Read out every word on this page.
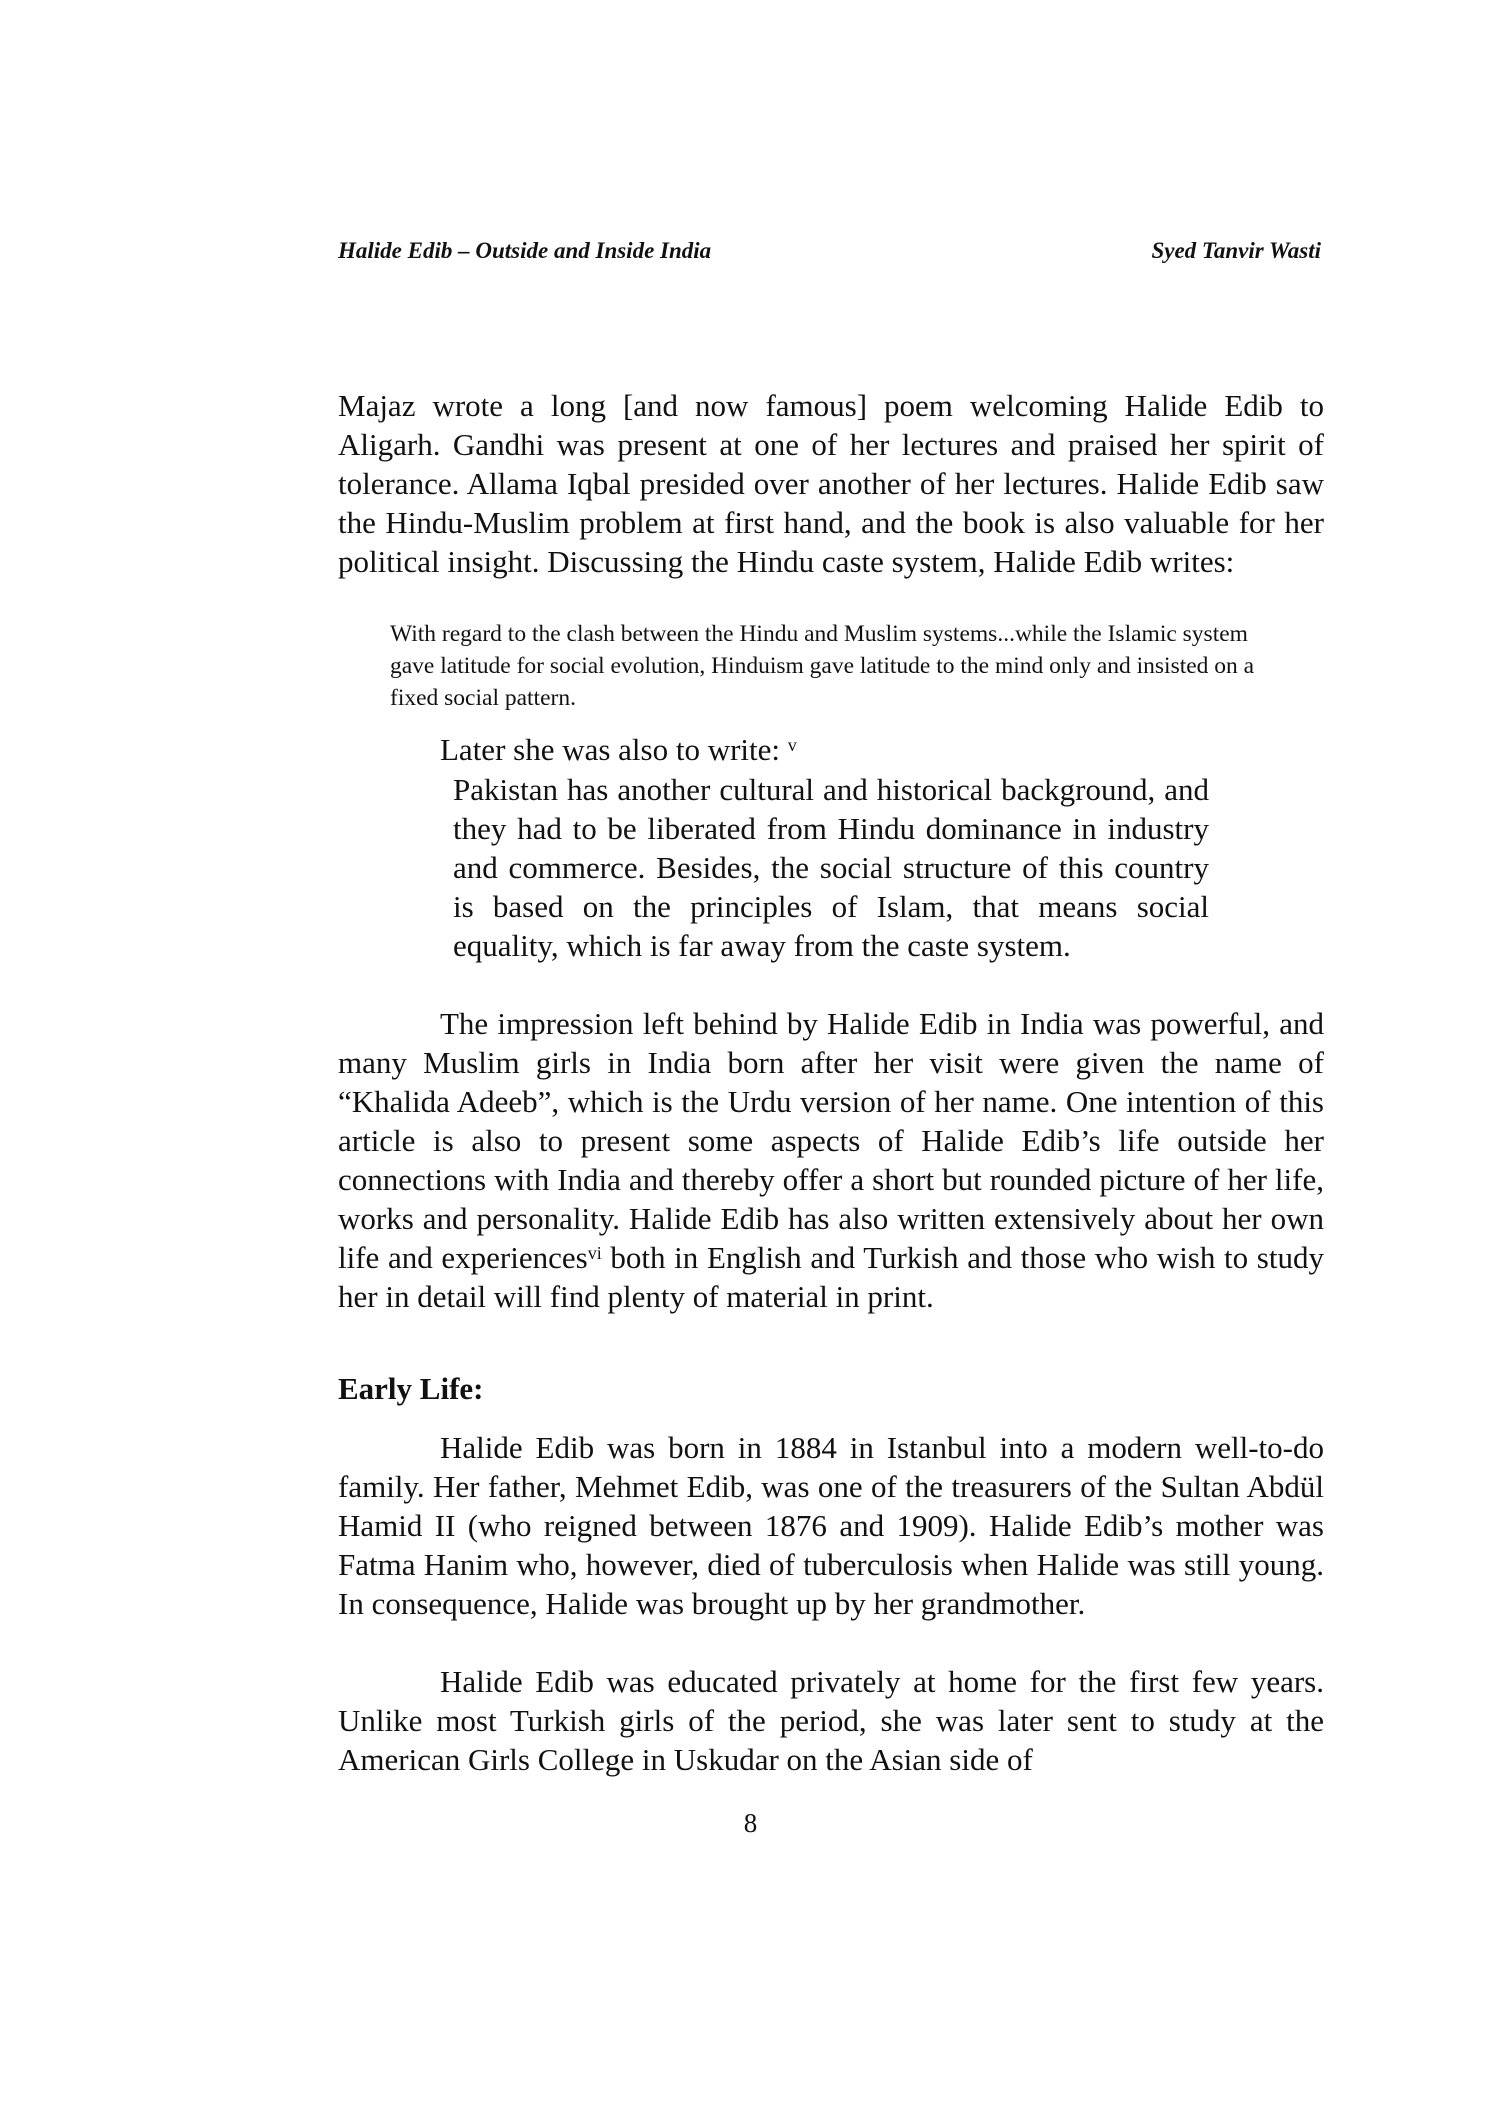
Halide Edib – Outside and Inside India	Syed Tanvir Wasti

Majaz wrote a long [and now famous] poem welcoming Halide Edib to Aligarh. Gandhi was present at one of her lectures and praised her spirit of tolerance. Allama Iqbal presided over another of her lectures. Halide Edib saw the Hindu-Muslim problem at first hand, and the book is also valuable for her political insight. Discussing the Hindu caste system, Halide Edib writes:

With regard to the clash between the Hindu and Muslim systems...while the Islamic system gave latitude for social evolution, Hinduism gave latitude to the mind only and insisted on a fixed social pattern.

Later she was also to write: $^v$

Pakistan has another cultural and historical background, and they had to be liberated from Hindu dominance in industry and commerce. Besides, the social structure of this country is based on the principles of Islam, that means social equality, which is far away from the caste system.

The impression left behind by Halide Edib in India was powerful, and many Muslim girls in India born after her visit were given the name of “Khalida Adeeb”, which is the Urdu version of her name. One intention of this article is also to present some aspects of Halide Edib’s life outside her connections with India and thereby offer a short but rounded picture of her life, works and personality. Halide Edib has also written extensively about her own life and experiences$^{vi}$ both in English and Turkish and those who wish to study her in detail will find plenty of material in print.

Early Life:

Halide Edib was born in 1884 in Istanbul into a modern well-to-do family. Her father, Mehmet Edib, was one of the treasurers of the Sultan Abdül Hamid II (who reigned between 1876 and 1909). Halide Edib’s mother was Fatma Hanim who, however, died of tuberculosis when Halide was still young. In consequence, Halide was brought up by her grandmother.

Halide Edib was educated privately at home for the first few years. Unlike most Turkish girls of the period, she was later sent to study at the American Girls College in Uskudar on the Asian side of

8
